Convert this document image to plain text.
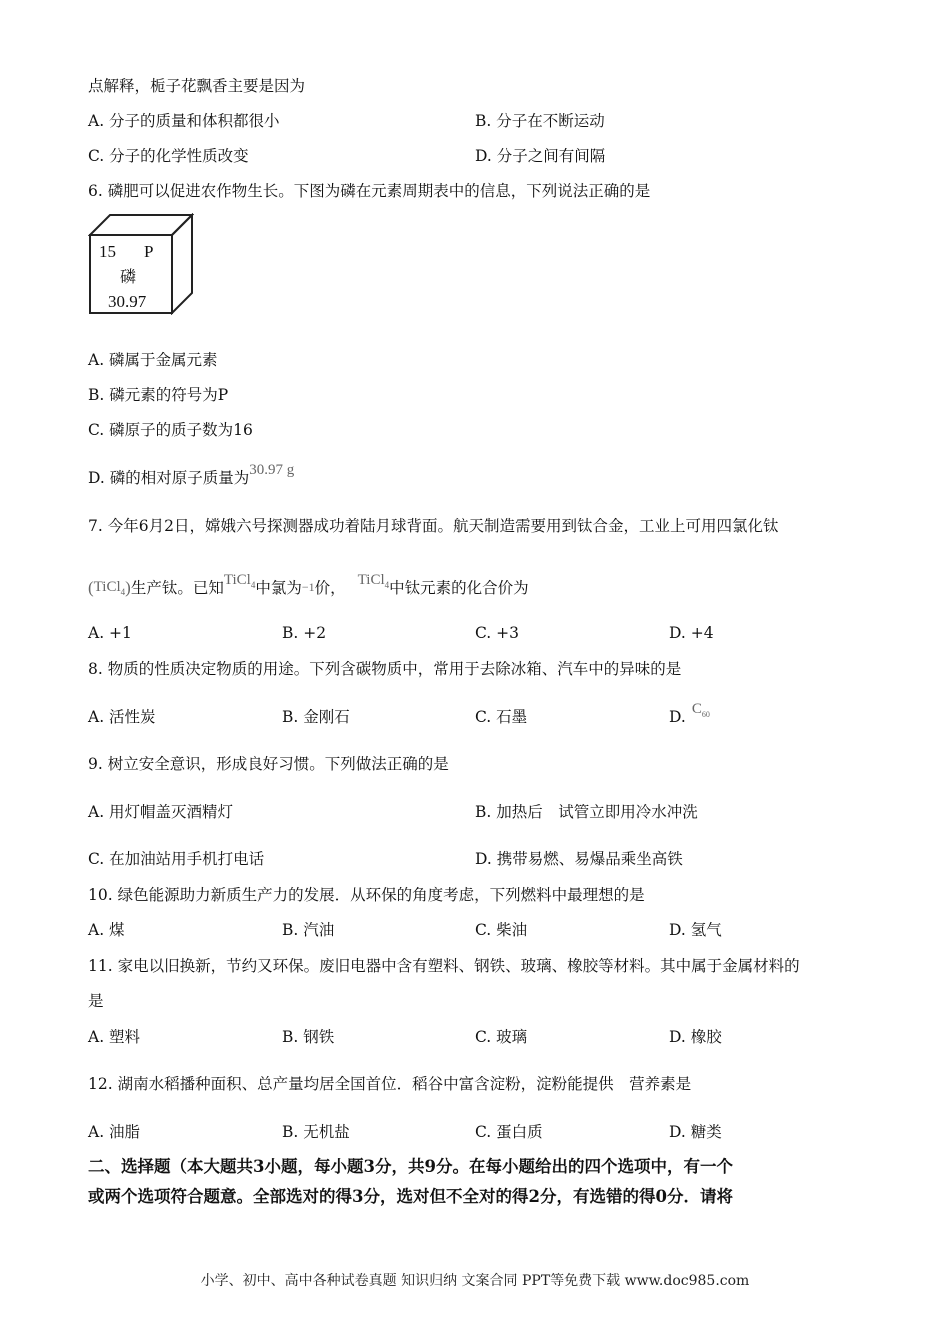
点解释，栀子花飘香主要是因为
A. 分子的质量和体积都很小	B. 分子在不断运动
C. 分子的化学性质改变	D. 分子之间有间隔
6. 磷肥可以促进农作物生长。下图为磷在元素周期表中的信息，下列说法正确的是
15 P
磷
30.97
A. 磷属于金属元素
B. 磷元素的符号为P
C. 磷原子的质子数为16
D. 磷的相对原子质量为30.97 g
7. 今年6月2日，嫦娥六号探测器成功着陆月球背面。航天制造需要用到钛合金，工业上可用四氯化钛
(TiCl$_4$)生产钛。已知TiCl$_4$中氯为−1价， TiCl$_4$中钛元素的化合价为
A. +1	B. +2	C. +3	D. +4
8. 物质的性质决定物质的用途。下列含碳物质中，常用于去除冰箱、汽车中的异味的是
A. 活性炭	B. 金刚石	C. 石墨	D. $C_{60}$
9. 树立安全意识，形成良好习惯。下列做法正确的是
A. 用灯帽盖灭酒精灯	B. 加热后　试管立即用冷水冲洗
C. 在加油站用手机打电话	D. 携带易燃、易爆品乘坐高铁
10. 绿色能源助力新质生产力的发展．从环保的角度考虑，下列燃料中最理想的是
A. 煤	B. 汽油	C. 柴油	D. 氢气
11. 家电以旧换新，节约又环保。废旧电器中含有塑料、钢铁、玻璃、橡胶等材料。其中属于金属材料的
是
A. 塑料	B. 钢铁	C. 玻璃	D. 橡胶
12. 湖南水稻播种面积、总产量均居全国首位．稻谷中富含淀粉，淀粉能提供　营养素是
A. 油脂	B. 无机盐	C. 蛋白质	D. 糖类
二、选择题（本大题共3小题，每小题3分，共9分。在每小题给出的四个选项中，有一个
或两个选项符合题意。全部选对的得3分，选对但不全对的得2分，有选错的得0分．请将
小学、初中、高中各种试卷真题 知识归纳 文案合同 PPT等免费下载 www.doc985.com
